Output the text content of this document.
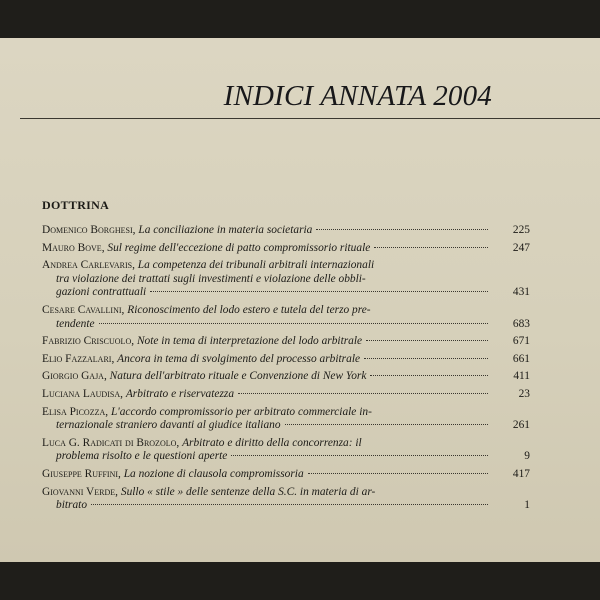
INDICI ANNATA 2004
DOTTRINA
Domenico Borghesi , La conciliazione in materia societaria	225
Mauro Bove , Sul regime dell'eccezione di patto compromissorio rituale	247
Andrea Carlevaris , La competenza dei tribunali arbitrali internazionali
tra violazione dei trattati sugli investimenti e violazione delle obbli-
gazioni contrattuali	431
Cesare Cavallini , Riconoscimento del lodo estero e tutela del terzo pre-
tendente	683
Fabrizio Criscuolo , Note in tema di interpretazione del lodo arbitrale	671
Elio Fazzalari , Ancora in tema di svolgimento del processo arbitrale	661
Giorgio Gaja , Natura dell'arbitrato rituale e Convenzione di New York	411
Luciana Laudisa , Arbitrato e riservatezza	23
Elisa Picozza , L'accordo compromissorio per arbitrato commerciale in-
ternazionale straniero davanti al giudice italiano	261
Luca G. Radicati di Brozolo , Arbitrato e diritto della concorrenza: il
problema risolto e le questioni aperte	9
Giuseppe Ruffini , La nozione di clausola compromissoria	417
Giovanni Verde , Sullo « stile » delle sentenze della S.C. in materia di ar-
bitrato	1
